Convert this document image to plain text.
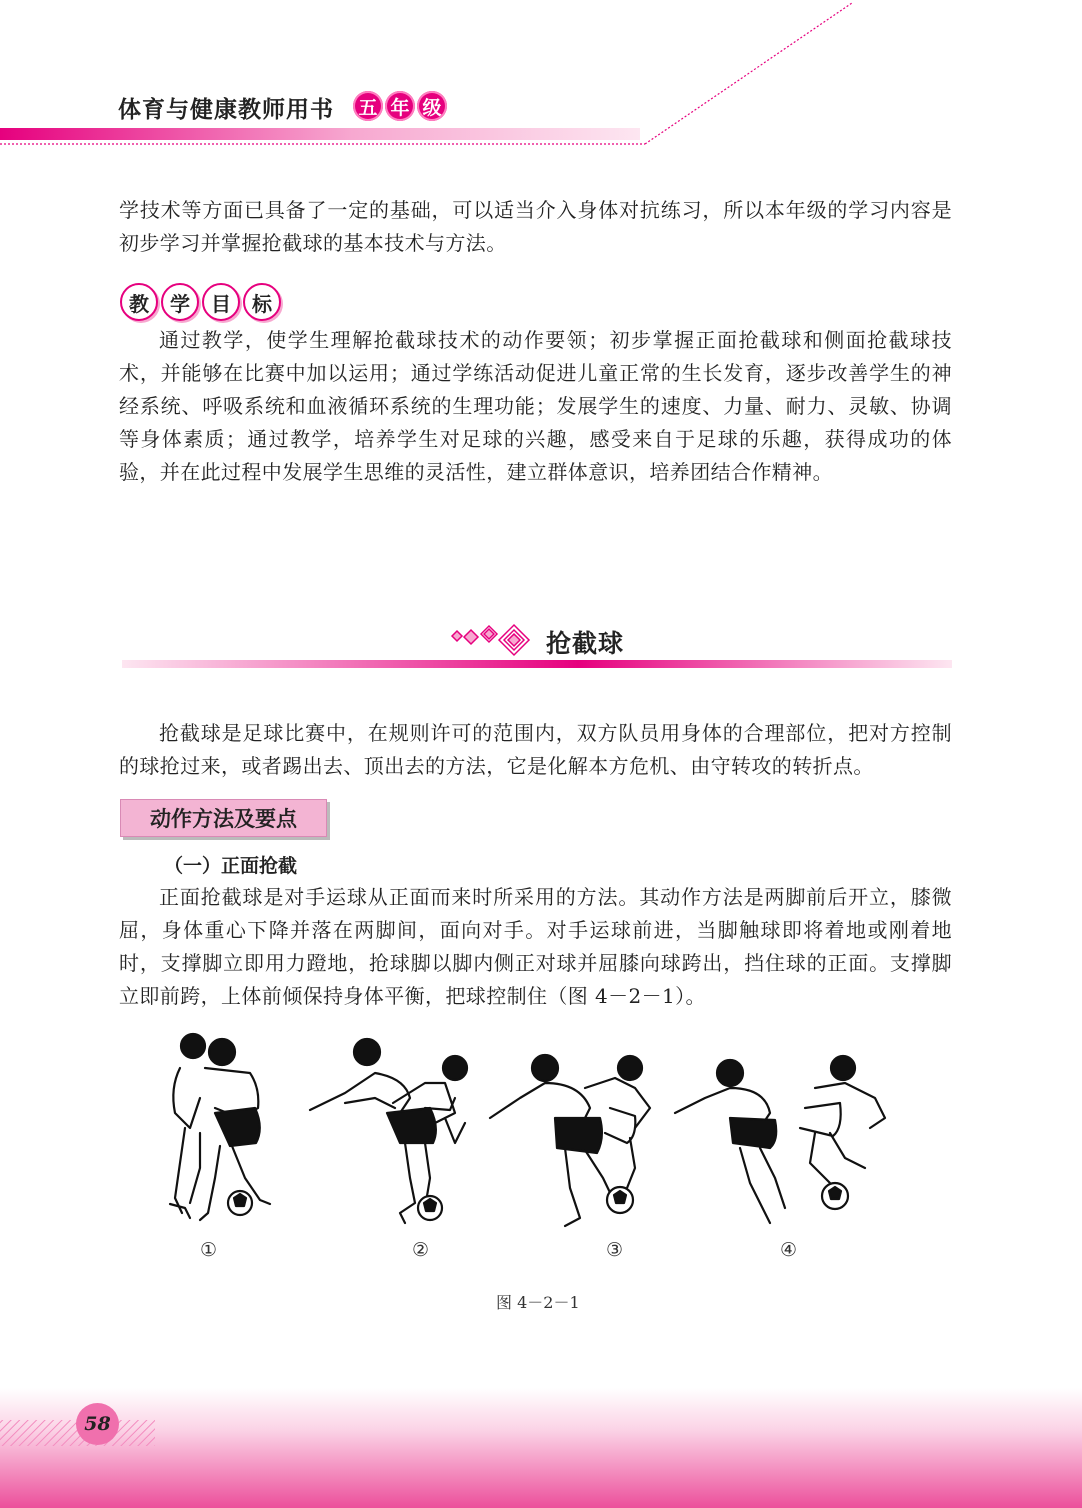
体育与健康教师用书 五 年 级

学技术等方面已具备了一定的基础，可以适当介入身体对抗练习，所以本年级的学习内容是初步学习并掌握抢截球的基本技术与方法。

教	学	目	标

通过教学，使学生理解抢截球技术的动作要领；初步掌握正面抢截球和侧面抢截球技术，并能够在比赛中加以运用；通过学练活动促进儿童正常的生长发育，逐步改善学生的神经系统、呼吸系统和血液循环系统的生理功能；发展学生的速度、力量、耐力、灵敏、协调等身体素质；通过教学，培养学生对足球的兴趣，感受来自于足球的乐趣，获得成功的体验，并在此过程中发展学生思维的灵活性，建立群体意识，培养团结合作精神。

抢截球

抢截球是足球比赛中，在规则许可的范围内，双方队员用身体的合理部位，把对方控制的球抢过来，或者踢出去、顶出去的方法，它是化解本方危机、由守转攻的转折点。

动作方法及要点
（一）正面抢截

正面抢截球是对手运球从正面而来时所采用的方法。其动作方法是两脚前后开立，膝微屈，身体重心下降并落在两脚间，面向对手。对手运球前进，当脚触球即将着地或刚着地时，支撑脚立即用力蹬地，抢球脚以脚内侧正对球并屈膝向球跨出，挡住球的正面。支撑脚立即前跨，上体前倾保持身体平衡，把球控制住（图 4－2－1）。

①	②	③	④
图 4－2－1
58
